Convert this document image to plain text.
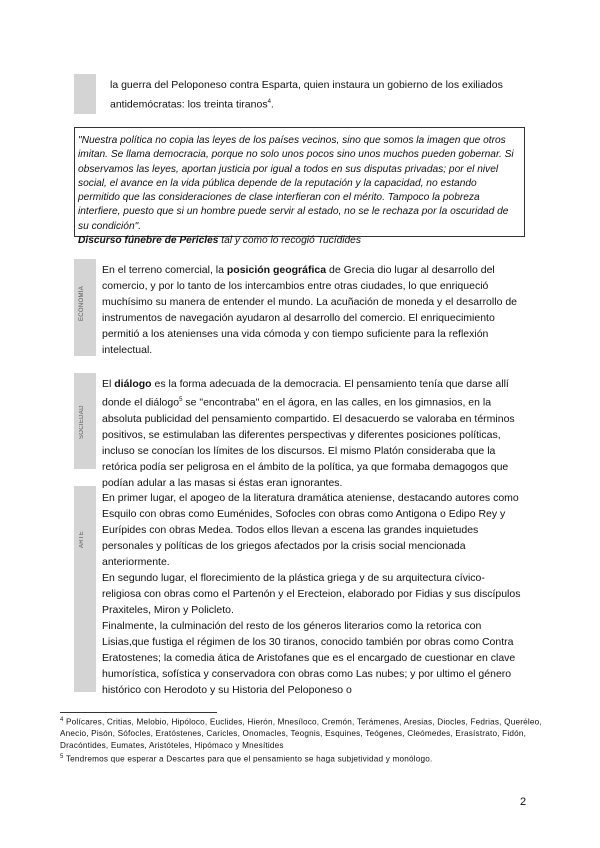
la guerra del Peloponeso contra Esparta, quien instaura un gobierno de los exiliados antidemócratas: los treinta tiranos$^4$.
"Nuestra política no copia las leyes de los países vecinos, sino que somos la imagen que otros imitan. Se llama democracia, porque no solo unos pocos sino unos muchos pueden gobernar. Si observamos las leyes, aportan justicia por igual a todos en sus disputas privadas; por el nivel social, el avance en la vida pública depende de la reputación y la capacidad, no estando permitido que las consideraciones de clase interfieran con el mérito. Tampoco la pobreza interfiere, puesto que si un hombre puede servir al estado, no se le rechaza por la oscuridad de su condición".
Discurso fúnebre de Pericles tal y como lo recogió Tucídides
ECONOMÍA
En el terreno comercial, la posición geográfica de Grecia dio lugar al desarrollo del comercio, y por lo tanto de los intercambios entre otras ciudades, lo que enriqueció muchísimo su manera de entender el mundo. La acuñación de moneda y el desarrollo de instrumentos de navegación ayudaron al desarrollo del comercio. El enriquecimiento permitió a los atenienses una vida cómoda y con tiempo suficiente para la reflexión intelectual.
SOCIEDAD
El diálogo es la forma adecuada de la democracia. El pensamiento tenía que darse allí donde el diálogo$^5$ se "encontraba" en el ágora, en las calles, en los gimnasios, en la absoluta publicidad del pensamiento compartido. El desacuerdo se valoraba en términos positivos, se estimulaban las diferentes perspectivas y diferentes posiciones políticas, incluso se conocían los límites de los discursos. El mismo Platón consideraba que la retórica podía ser peligrosa en el ámbito de la política, ya que formaba demagogos que podían adular a las masas si éstas eran ignorantes.
ARTE
En primer lugar, el apogeo de la literatura dramática ateniense, destacando autores como Esquilo con obras como Euménides, Sofocles con obras como Antigona o Edipo Rey y Eurípides con obras Medea. Todos ellos llevan a escena las grandes inquietudes personales y políticas de los griegos afectados por la crisis social mencionada anteriormente.
En segundo lugar, el florecimiento de la plástica griega y de su arquitectura cívico-religiosa con obras como el Partenón y el Erecteion, elaborado por Fidias y sus discípulos Praxiteles, Miron y Policleto.
Finalmente, la culminación del resto de los géneros literarios como la retorica con Lisias,que fustiga el régimen de los 30 tiranos, conocido también por obras como Contra Eratostenes; la comedia ática de Aristofanes que es el encargado de cuestionar en clave humorística, sofística y conservadora con obras como Las nubes; y por ultimo el género histórico con Herodoto y su Historia del Peloponeso o
$^4$ Polícares, Critias, Melobio, Hipóloco, Euclides, Hierón, Mnesíloco, Cremón, Terámenes, Aresias, Diocles, Fedrias, Queréleo, Anecio, Pisón, Sófocles, Eratóstenes, Caricles, Onomacles, Teognis, Esquines, Teógenes, Cleómedes, Erasístrato, Fidón, Dracóntides, Eumates, Aristóteles, Hipómaco y Mnesítides
$^5$ Tendremos que esperar a Descartes para que el pensamiento se haga subjetividad y monólogo.
2
